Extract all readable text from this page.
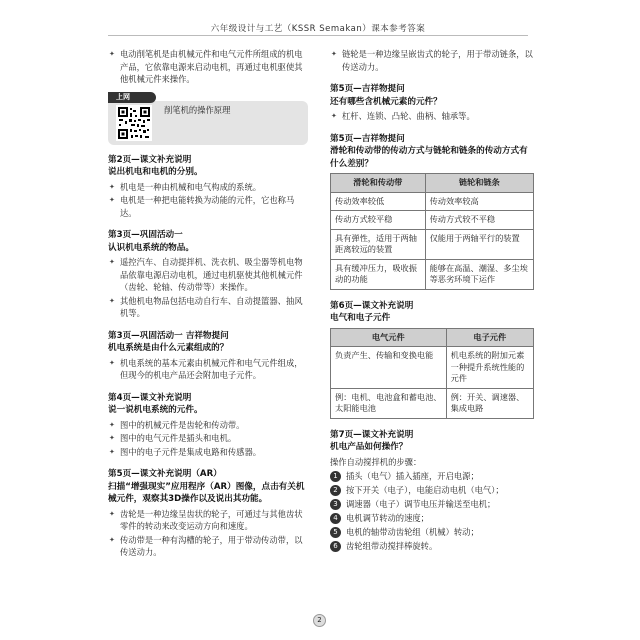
六年级设计与工艺（KSSR Semakan）课本参考答案
✦ 电动削笔机是由机械元件和电气元件所组成的机电产品，它依靠电源来启动电机，再通过电机驱使其他机械元件来操作。
上网
削笔机的操作原理
第2页—课文补充说明
说出机电和电机的分别。
✦ 机电是一种由机械和电气构成的系统。
✦ 电机是一种把电能转换为动能的元件，它也称马达。
第3页—巩固活动一
认识机电系统的物品。
✦ 遥控汽车、自动提拌机、洗衣机、吸尘器等机电物品依靠电源启动电机，通过电机驱使其他机械元件（齿轮、轮轴、传动带等）来操作。
✦ 其他机电物品包括电动自行车、自动提篮器、抽风机等。
第3页—巩固活动一 吉祥物提问
机电系统是由什么元素组成的？
✦ 机电系统的基本元素由机械元件和电气元件组成，但现今的机电产品还会附加电子元件。
第4页—课文补充说明
说一说机电系统的元件。
✦ 图中的机械元件是齿轮和传动带。
✦ 图中的电气元件是插头和电机。
✦ 图中的电子元件是集成电路和传感器。
第5页—课文补充说明（AR）
扫描“增强现实”应用程序（AR）图像，点击有关机械元件，观察其3D操作以及说出其功能。
✦ 齿轮是一种边缘呈齿状的轮子，可通过与其他齿状零件的转动来改变运动方向和速度。
✦ 传动带是一种有沟槽的轮子，用于带动传动带，以传送动力。
✦ 链轮是一种边缘呈嵌齿式的轮子，用于带动链条，以传送动力。
第5页—吉祥物提问
还有哪些含机械元素的元件？
✦ 杠杆、连锁、凸轮、曲柄、轴承等。
第5页—吉祥物提问
滑轮和传动带的传动方式与链轮和链条的传动方式有什么差别？
滑轮和传动带	链轮和链条
传动效率较低	传动效率较高
传动方式较平稳	传动方式较不平稳
具有弹性，适用于两轴距离较远的装置	仅能用于两轴平行的装置
具有缓冲压力，吸收振动的功能	能够在高温、潮湿、多尘埃等恶劣环境下运作
第6页—课文补充说明
电气和电子元件
电气元件	电子元件
负责产生、传输和变换电能	机电系统的附加元素
一种提升系统性能的元件
例：电机、电池盒和蓄电池、太阳能电池	例：开关、调速器、集成电路
第7页—课文补充说明
机电产品如何操作？
操作自动搅拌机的步骤：
1 插头（电气）插入插座，开启电源；
2 按下开关（电子），电能启动电机（电气）；
3 调速器（电子）调节电压并输送至电机；
4 电机调节转动的速度；
5 电机的轴带动齿轮组（机械）转动；
6 齿轮组带动搅拌棒旋转。
2
